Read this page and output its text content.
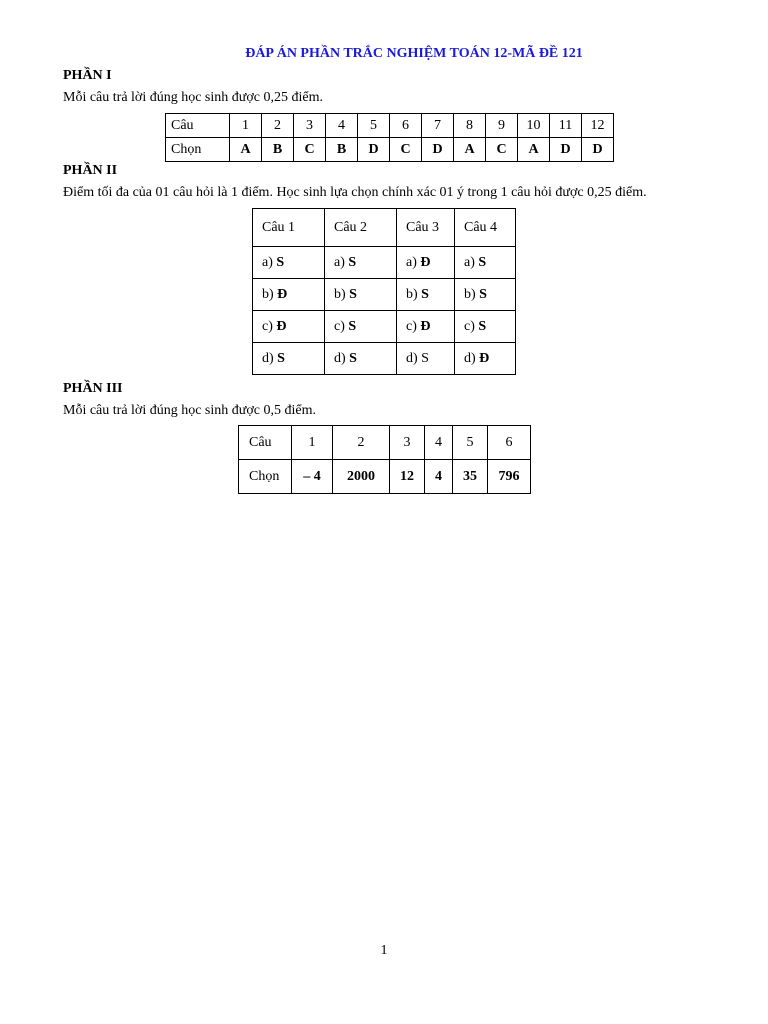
ĐÁP ÁN PHẦN TRẮC NGHIỆM TOÁN 12-MÃ ĐỀ 121
PHẦN I
Mỗi câu trả lời đúng học sinh được 0,25 điểm.
Câu	1	2	3	4	5	6	7	8	9	10	11	12
Chọn	A	B	C	B	D	C	D	A	C	A	D	D
PHẦN II
Điểm tối đa của 01 câu hỏi là 1 điểm. Học sinh lựa chọn chính xác 01 ý trong 1 câu hỏi được 0,25 điểm.
Câu 1	Câu 2	Câu 3	Câu 4
a) S	a) S	a) Đ	a) S
b) Đ	b) S	b) S	b) S
c) Đ	c) S	c) Đ	c) S
d) S	d) S	d) S	d) Đ
PHẦN III
Mỗi câu trả lời đúng học sinh được 0,5 điểm.
Câu	1	2	3	4	5	6
Chọn	– 4	2000	12	4	35	796
1
